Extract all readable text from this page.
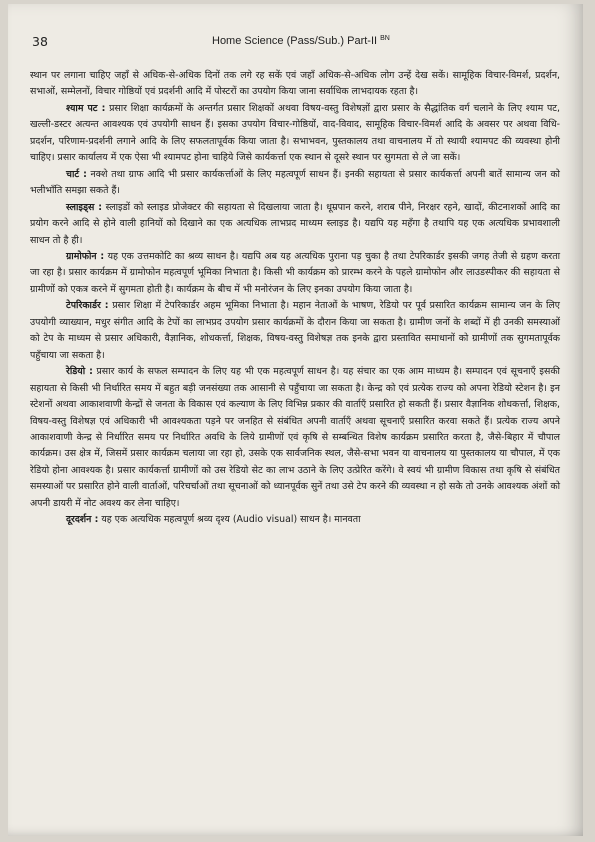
38	Home Science (Pass/Sub.) Part-II $^{BN}$

स्थान पर लगाना चाहिए जहाँ से अधिक-से-अधिक दिनों तक लगे रह सकें एवं जहाँ अधिक-से-अधिक लोग उन्हें देख सकें। सामूहिक विचार-विमर्श, प्रदर्शन, सभाओं, सम्मेलनों, विचार गोष्ठियों एवं प्रदर्शनी आदि में पोस्टरों का उपयोग किया जाना सर्वाधिक लाभदायक रहता है।

श्याम पट : प्रसार शिक्षा कार्यक्रमों के अन्तर्गत प्रसार शिक्षकों अथवा विषय-वस्तु विशेषज्ञों द्वारा प्रसार के सैद्धांतिक वर्ग चलाने के लिए श्याम पट, खल्ली-डस्टर अत्यन्त आवश्यक एवं उपयोगी साधन हैं। इसका उपयोग विचार-गोष्ठियों, वाद-विवाद, सामूहिक विचार-विमर्श आदि के अवसर पर अथवा विधि-प्रदर्शन, परिणाम-प्रदर्शनी लगाने आदि के लिए सफलतापूर्वक किया जाता है। सभाभवन, पुस्तकालय तथा वाचनालय में तो स्थायी श्यामपट की व्यवस्था होनी चाहिए। प्रसार कार्यालय में एक ऐसा भी श्यामपट होना चाहिये जिसे कार्यकर्त्ता एक स्थान से दूसरे स्थान पर सुगमता से ले जा सकें।

चार्ट : नक्शे तथा ग्राफ आदि भी प्रसार कार्यकर्त्ताओं के लिए महत्वपूर्ण साधन हैं। इनकी सहायता से प्रसार कार्यकर्त्ता अपनी बातें सामान्य जन को भलीभाँति समझा सकते हैं।

स्लाइड्स : स्लाइडों को स्लाइड प्रोजेक्टर की सहायता से दिखलाया जाता है। धूम्रपान करने, शराब पीने, निरक्षर रहने, खादों, कीटनाशकों आदि का प्रयोग करने आदि से होने वाली हानियों को दिखाने का एक अत्यधिक लाभप्रद माध्यम स्लाइड है। यद्यपि यह महँगा है तथापि यह एक अत्यधिक प्रभावशाली साधन तो है ही।

ग्रामोफोन : यह एक उत्तमकोटि का श्रव्य साधन है। यद्यपि अब यह अत्यधिक पुराना पड़ चुका है तथा टेपरिकार्डर इसकी जगह तेजी से ग्रहण करता जा रहा है। प्रसार कार्यक्रम में ग्रामोफोन महत्वपूर्ण भूमिका निभाता है। किसी भी कार्यक्रम को प्रारम्भ करने के पहले ग्रामोफोन और लाउडस्पीकर की सहायता से ग्रामीणों को एकत्र करने में सुगमता होती है। कार्यक्रम के बीच में भी मनोरंजन के लिए इनका उपयोग किया जाता है।

टेपरिकार्डर : प्रसार शिक्षा में टेपरिकार्डर अहम भूमिका निभाता है। महान नेताओं के भाषण, रेडियो पर पूर्व प्रसारित कार्यक्रम सामान्य जन के लिए उपयोगी व्याख्यान, मधुर संगीत आदि के टेपों का लाभप्रद उपयोग प्रसार कार्यक्रमों के दौरान किया जा सकता है। ग्रामीण जनों के शब्दों में ही उनकी समस्याओं को टेप के माध्यम से प्रसार अधिकारी, वैज्ञानिक, शोधकर्त्ता, शिक्षक, विषय-वस्तु विशेषज्ञ तक इनके द्वारा प्रस्तावित समाधानों को ग्रामीणों तक सुगमतापूर्वक पहुँचाया जा सकता है।

रेडियो : प्रसार कार्य के सफल सम्पादन के लिए यह भी एक महत्वपूर्ण साधन है। यह संचार का एक आम माध्यम है। सम्पादन एवं सूचनाएँ इसकी सहायता से किसी भी निर्धारित समय में बहुत बड़ी जनसंख्या तक आसानी से पहुँचाया जा सकता है। केन्द्र को एवं प्रत्येक राज्य को अपना रेडियो स्टेशन है। इन स्टेशनों अथवा आकाशवाणी केन्द्रों से जनता के विकास एवं कल्याण के लिए विभिन्न प्रकार की वार्ताएँ प्रसारित हो सकती हैं। प्रसार वैज्ञानिक शोधकर्त्ता, शिक्षक, विषय-वस्तु विशेषज्ञ एवं अधिकारी भी आवश्यकता पड़ने पर जनहित से संबंधित अपनी वार्ताएँ अथवा सूचनाएँ प्रसारित करवा सकते हैं। प्रत्येक राज्य अपने आकाशवाणी केन्द्र से निर्धारित समय पर निर्धारित अवधि के लिये ग्रामीणों एवं कृषि से सम्बन्धित विशेष कार्यक्रम प्रसारित करता है, जैसे-बिहार में चौपाल कार्यक्रम। उस क्षेत्र में, जिसमें प्रसार कार्यक्रम चलाया जा रहा हो, उसके एक सार्वजनिक स्थल, जैसे-सभा भवन या वाचनालय या पुस्तकालय या चौपाल, में एक रेडियो होना आवश्यक है। प्रसार कार्यकर्त्ता ग्रामीणों को उस रेडियो सेट का लाभ उठाने के लिए उत्प्रेरित करेंगे। वे स्वयं भी ग्रामीण विकास तथा कृषि से संबंधित समस्याओं पर प्रसारित होने वाली वार्ताओं, परिचर्चाओं तथा सूचनाओं को ध्यानपूर्वक सुनें तथा उसे टेप करने की व्यवस्था न हो सके तो उनके आवश्यक अंशों को अपनी डायरी में नोट अवश्य कर लेना चाहिए।

दूरदर्शन : यह एक अत्यधिक महत्वपूर्ण श्रव्य दृश्य (Audio visual) साधन है। मानवता
